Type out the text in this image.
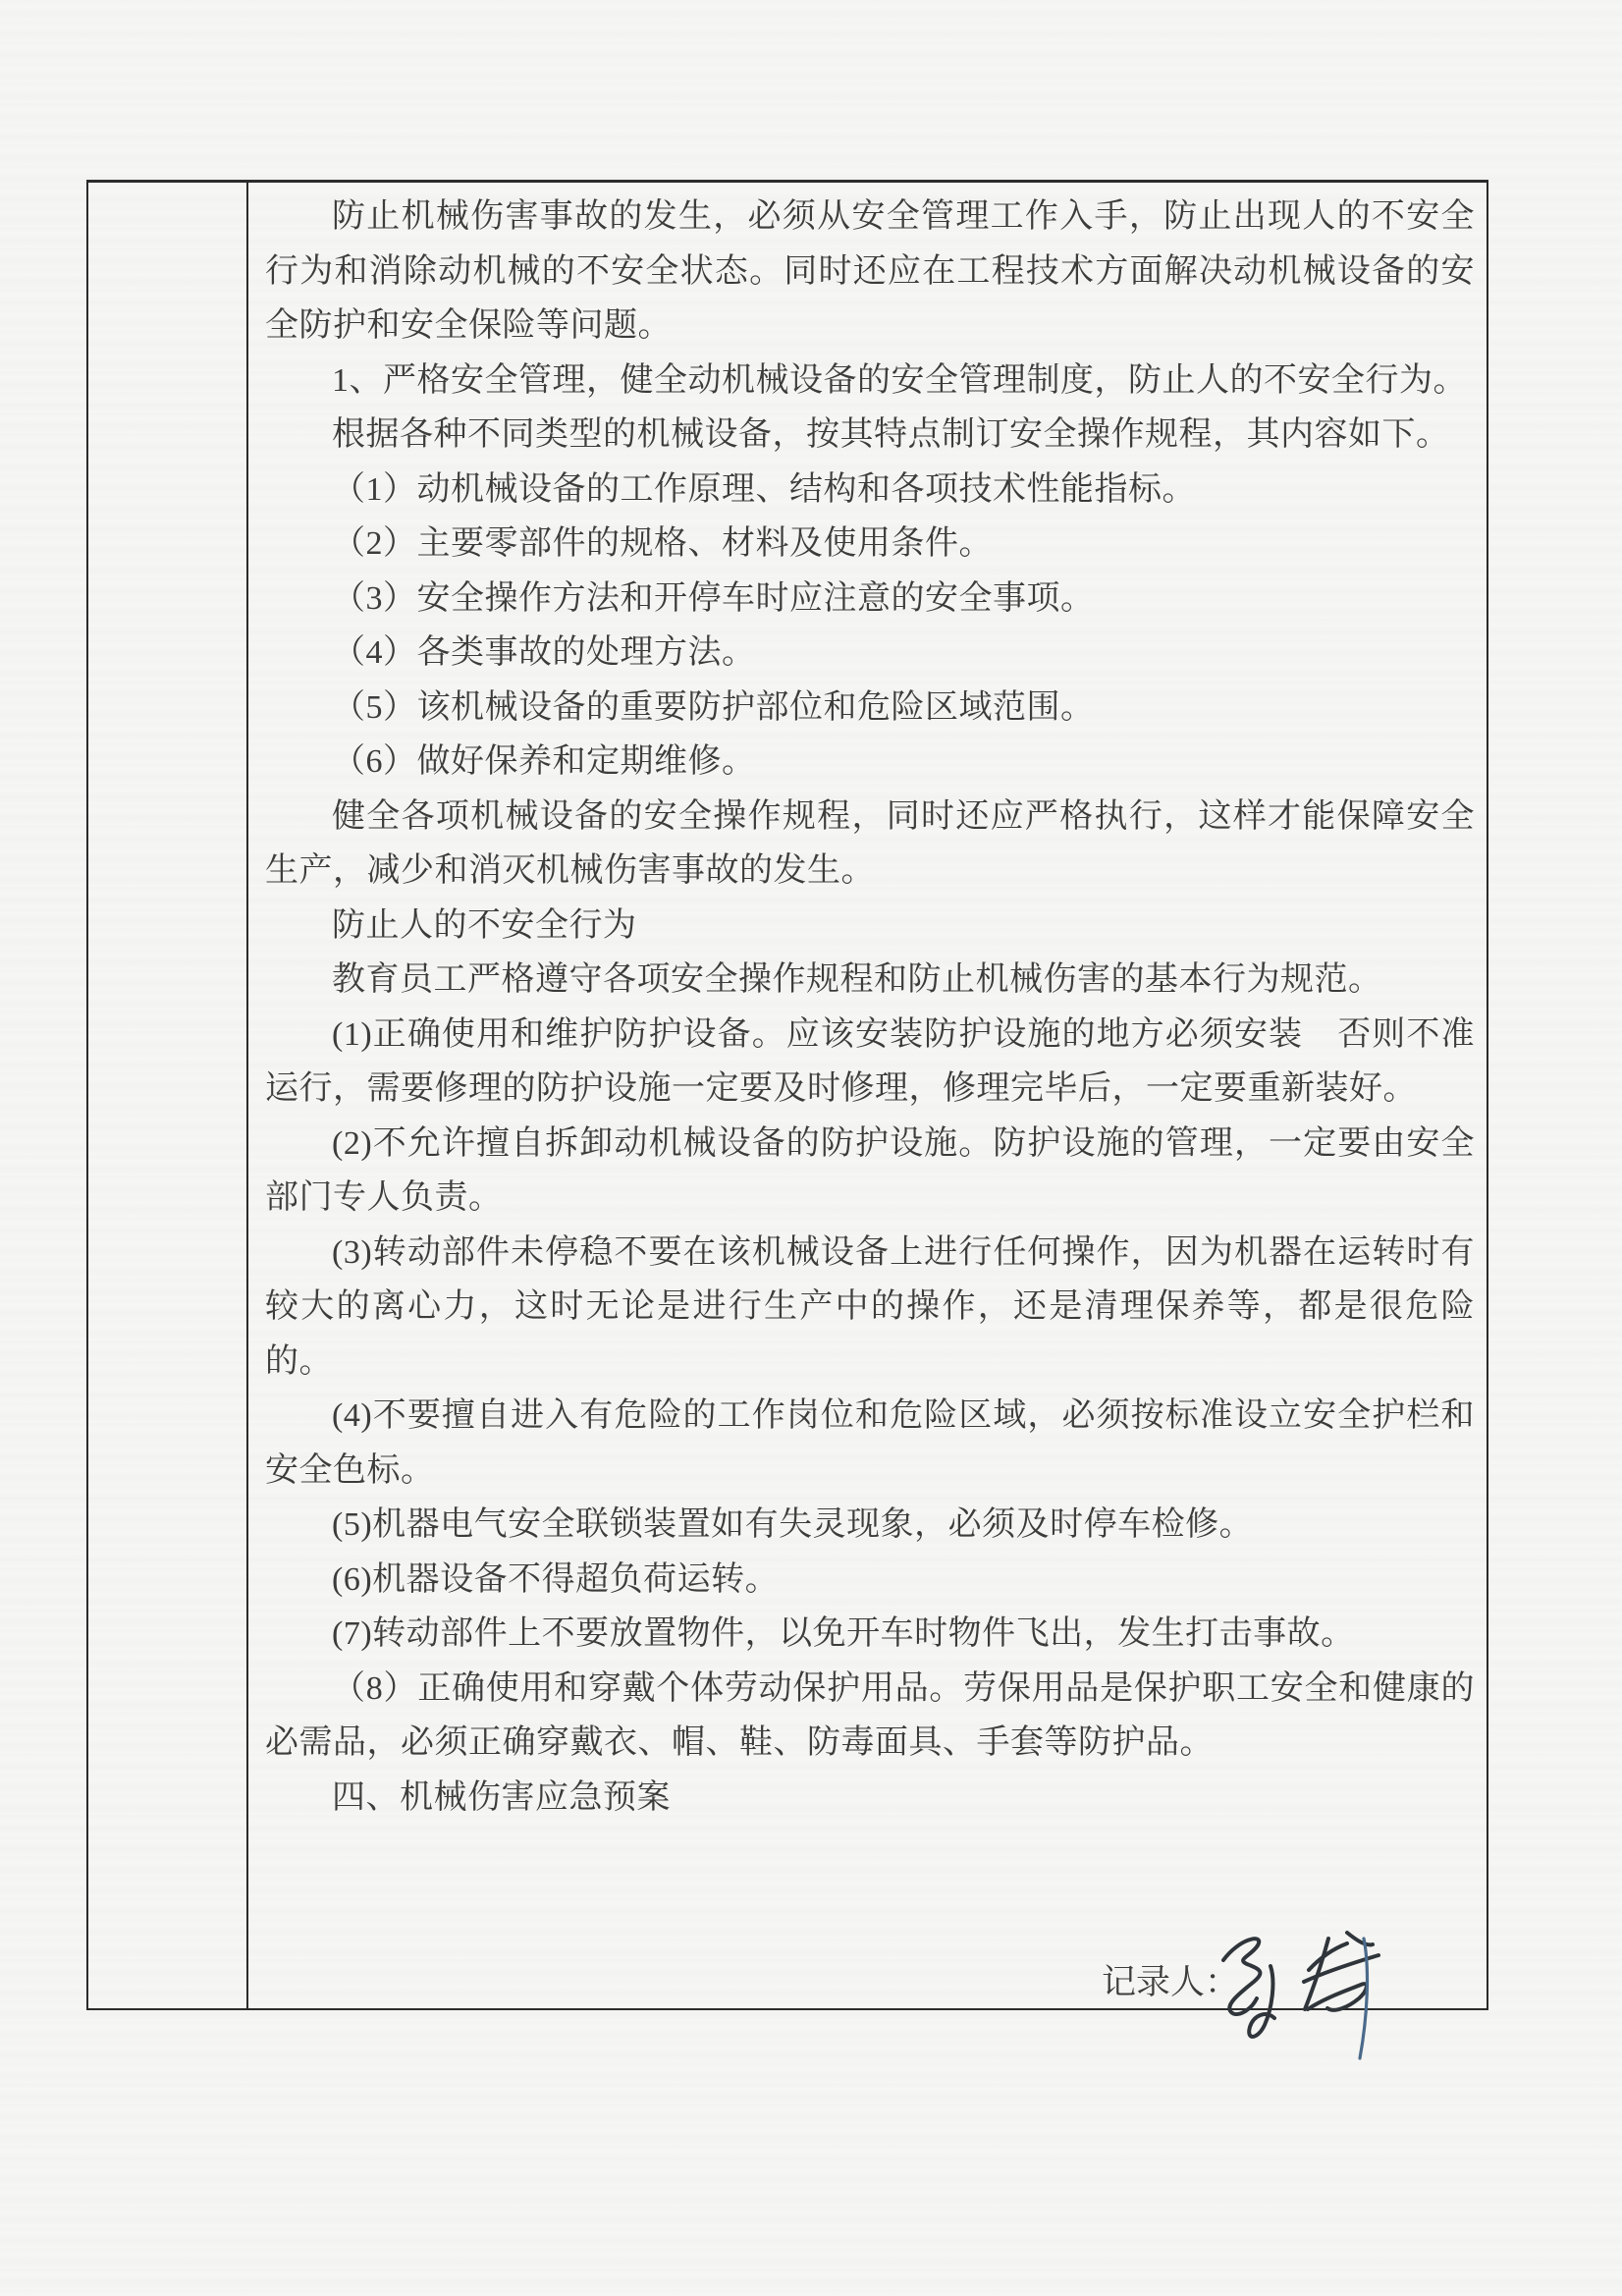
防止机械伤害事故的发生，必须从安全管理工作入手，防止出现人的不安全行为和消除动机械的不安全状态。同时还应在工程技术方面解决动机械设备的安全防护和安全保险等问题。

1、严格安全管理，健全动机械设备的安全管理制度，防止人的不安全行为。

根据各种不同类型的机械设备，按其特点制订安全操作规程，其内容如下。

（1）动机械设备的工作原理、结构和各项技术性能指标。

（2）主要零部件的规格、材料及使用条件。

（3）安全操作方法和开停车时应注意的安全事项。

（4）各类事故的处理方法。

（5）该机械设备的重要防护部位和危险区域范围。

（6）做好保养和定期维修。

健全各项机械设备的安全操作规程，同时还应严格执行，这样才能保障安全生产，减少和消灭机械伤害事故的发生。

防止人的不安全行为

教育员工严格遵守各项安全操作规程和防止机械伤害的基本行为规范。

(1)正确使用和维护防护设备。应该安装防护设施的地方必须安装　否则不准运行，需要修理的防护设施一定要及时修理，修理完毕后，一定要重新装好。

(2)不允许擅自拆卸动机械设备的防护设施。防护设施的管理，一定要由安全部门专人负责。

(3)转动部件未停稳不要在该机械设备上进行任何操作，因为机器在运转时有较大的离心力，这时无论是进行生产中的操作，还是清理保养等，都是很危险的。

(4)不要擅自进入有危险的工作岗位和危险区域，必须按标准设立安全护栏和安全色标。

(5)机器电气安全联锁装置如有失灵现象，必须及时停车检修。

(6)机器设备不得超负荷运转。

(7)转动部件上不要放置物件，以免开车时物件飞出，发生打击事故。

（8）正确使用和穿戴个体劳动保护用品。劳保用品是保护职工安全和健康的必需品，必须正确穿戴衣、帽、鞋、防毒面具、手套等防护品。

四、机械伤害应急预案

记录人：
